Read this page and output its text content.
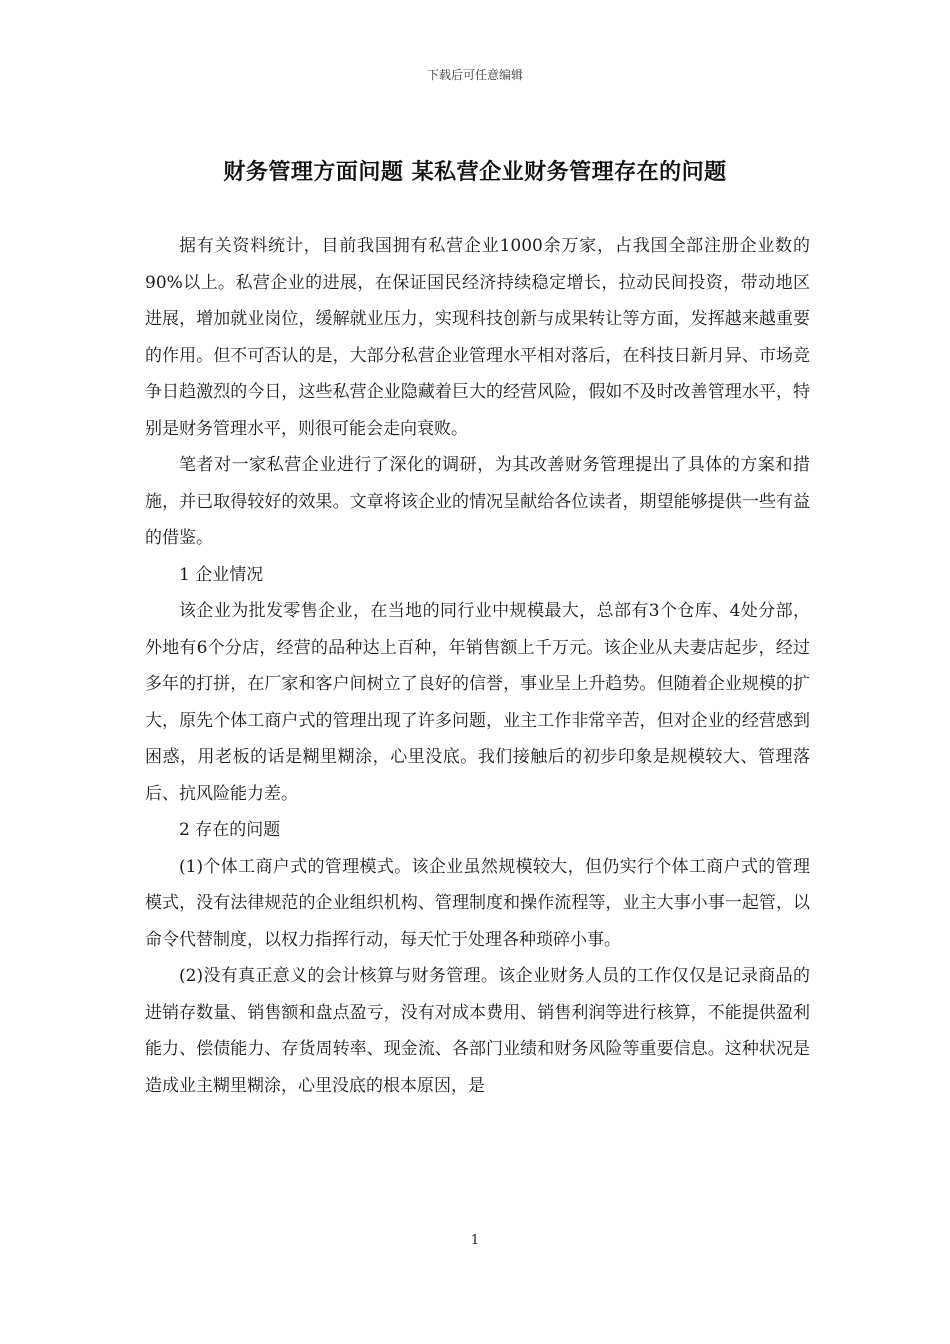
下载后可任意编辑
财务管理方面问题 某私营企业财务管理存在的问题

据有关资料统计，目前我国拥有私营企业1000余万家，占我国全部注册企业数的90%以上。私营企业的进展，在保证国民经济持续稳定增长，拉动民间投资，带动地区进展，增加就业岗位，缓解就业压力，实现科技创新与成果转让等方面，发挥越来越重要的作用。但不可否认的是，大部分私营企业管理水平相对落后，在科技日新月异、市场竞争日趋激烈的今日，这些私营企业隐藏着巨大的经营风险，假如不及时改善管理水平，特别是财务管理水平，则很可能会走向衰败。

笔者对一家私营企业进行了深化的调研，为其改善财务管理提出了具体的方案和措施，并已取得较好的效果。文章将该企业的情况呈献给各位读者，期望能够提供一些有益的借鉴。

1 企业情况

该企业为批发零售企业，在当地的同行业中规模最大，总部有3个仓库、4处分部，外地有6个分店，经营的品种达上百种，年销售额上千万元。该企业从夫妻店起步，经过多年的打拼，在厂家和客户间树立了良好的信誉，事业呈上升趋势。但随着企业规模的扩大，原先个体工商户式的管理出现了许多问题，业主工作非常辛苦，但对企业的经营感到困惑，用老板的话是糊里糊涂，心里没底。我们接触后的初步印象是规模较大、管理落后、抗风险能力差。

2 存在的问题

(1)个体工商户式的管理模式。该企业虽然规模较大，但仍实行个体工商户式的管理模式，没有法律规范的企业组织机构、管理制度和操作流程等，业主大事小事一起管，以命令代替制度，以权力指挥行动，每天忙于处理各种琐碎小事。

(2)没有真正意义的会计核算与财务管理。该企业财务人员的工作仅仅是记录商品的进销存数量、销售额和盘点盈亏，没有对成本费用、销售利润等进行核算，不能提供盈利能力、偿债能力、存货周转率、现金流、各部门业绩和财务风险等重要信息。这种状况是造成业主糊里糊涂，心里没底的根本原因，是

1
